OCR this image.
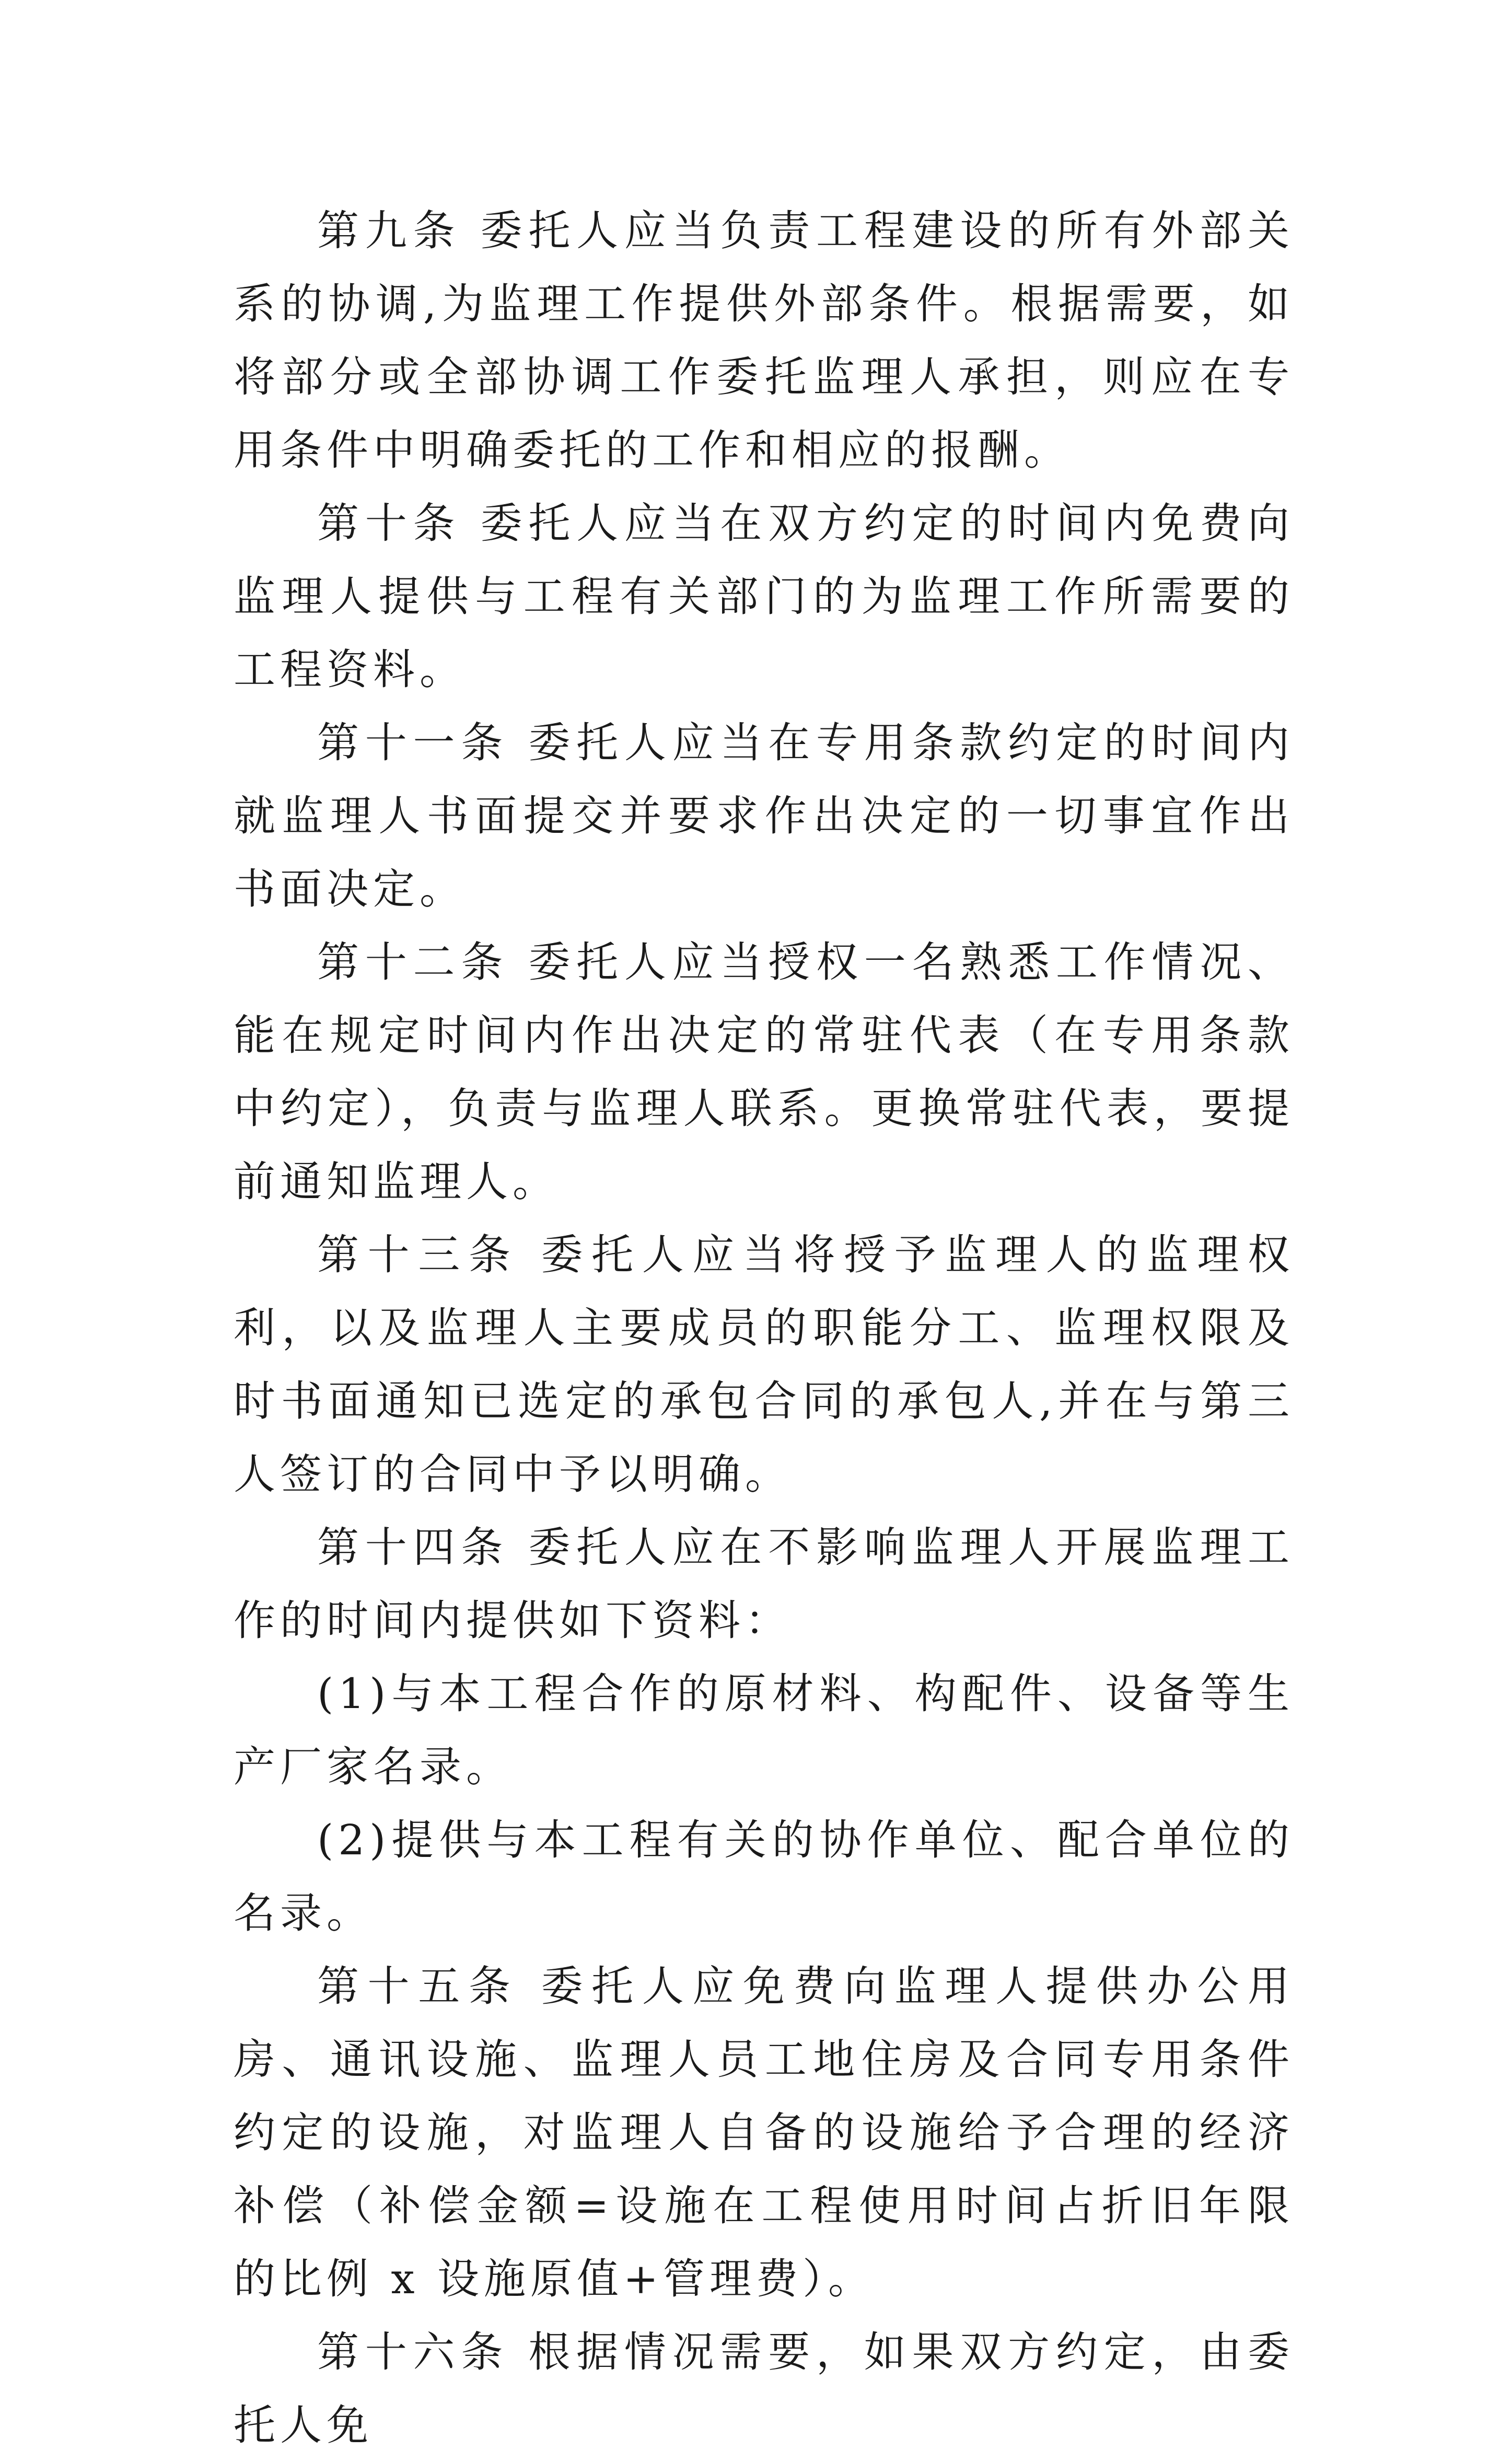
第九条 委托人应当负责工程建设的所有外部关系的协调,为监理工作提供外部条件。根据需要，如将部分或全部协调工作委托监理人承担，则应在专用条件中明确委托的工作和相应的报酬。

第十条 委托人应当在双方约定的时间内免费向监理人提供与工程有关部门的为监理工作所需要的工程资料。

第十一条 委托人应当在专用条款约定的时间内就监理人书面提交并要求作出决定的一切事宜作出书面决定。

第十二条 委托人应当授权一名熟悉工作情况、能在规定时间内作出决定的常驻代表（在专用条款中约定），负责与监理人联系。更换常驻代表，要提前通知监理人。

第十三条 委托人应当将授予监理人的监理权利，以及监理人主要成员的职能分工、监理权限及时书面通知已选定的承包合同的承包人,并在与第三人签订的合同中予以明确。

第十四条 委托人应在不影响监理人开展监理工作的时间内提供如下资料：

(1)与本工程合作的原材料、构配件、设备等生产厂家名录。

(2)提供与本工程有关的协作单位、配合单位的名录。

第十五条 委托人应免费向监理人提供办公用房、通讯设施、监理人员工地住房及合同专用条件约定的设施，对监理人自备的设施给予合理的经济补偿（补偿金额=设施在工程使用时间占折旧年限的比例 x 设施原值+管理费）。

第十六条 根据情况需要，如果双方约定，由委托人免
